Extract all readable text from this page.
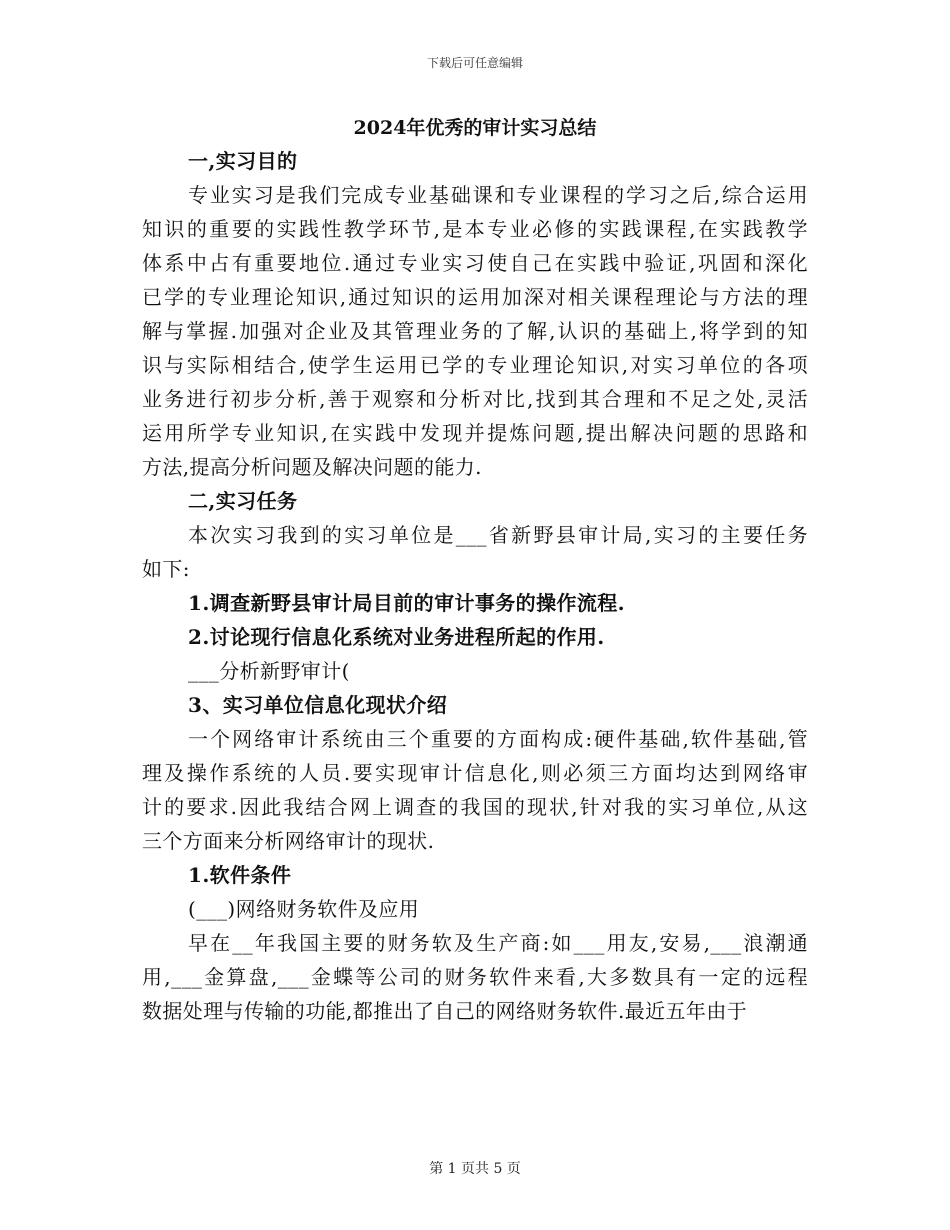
下载后可任意编辑
2024年优秀的审计实习总结
一,实习目的
专业实习是我们完成专业基础课和专业课程的学习之后,综合运用
知识的重要的实践性教学环节,是本专业必修的实践课程,在实践教学
体系中占有重要地位.通过专业实习使自己在实践中验证,巩固和深化
已学的专业理论知识,通过知识的运用加深对相关课程理论与方法的理
解与掌握.加强对企业及其管理业务的了解,认识的基础上,将学到的知
识与实际相结合,使学生运用已学的专业理论知识,对实习单位的各项
业务进行初步分析,善于观察和分析对比,找到其合理和不足之处,灵活
运用所学专业知识,在实践中发现并提炼问题,提出解决问题的思路和
方法,提高分析问题及解决问题的能力.
二,实习任务
本次实习我到的实习单位是___省新野县审计局,实习的主要任务
如下:
1.调查新野县审计局目前的审计事务的操作流程.
2.讨论现行信息化系统对业务进程所起的作用.
___分析新野审计(
3、实习单位信息化现状介绍
一个网络审计系统由三个重要的方面构成:硬件基础,软件基础,管
理及操作系统的人员.要实现审计信息化,则必须三方面均达到网络审
计的要求.因此我结合网上调查的我国的现状,针对我的实习单位,从这
三个方面来分析网络审计的现状.
1.软件条件
(___)网络财务软件及应用
早在__年我国主要的财务软及生产商:如___用友,安易,___浪潮通
用,___金算盘,___金蝶等公司的财务软件来看,大多数具有一定的远程
数据处理与传输的功能,都推出了自己的网络财务软件.最近五年由于
第 1 页共 5 页
